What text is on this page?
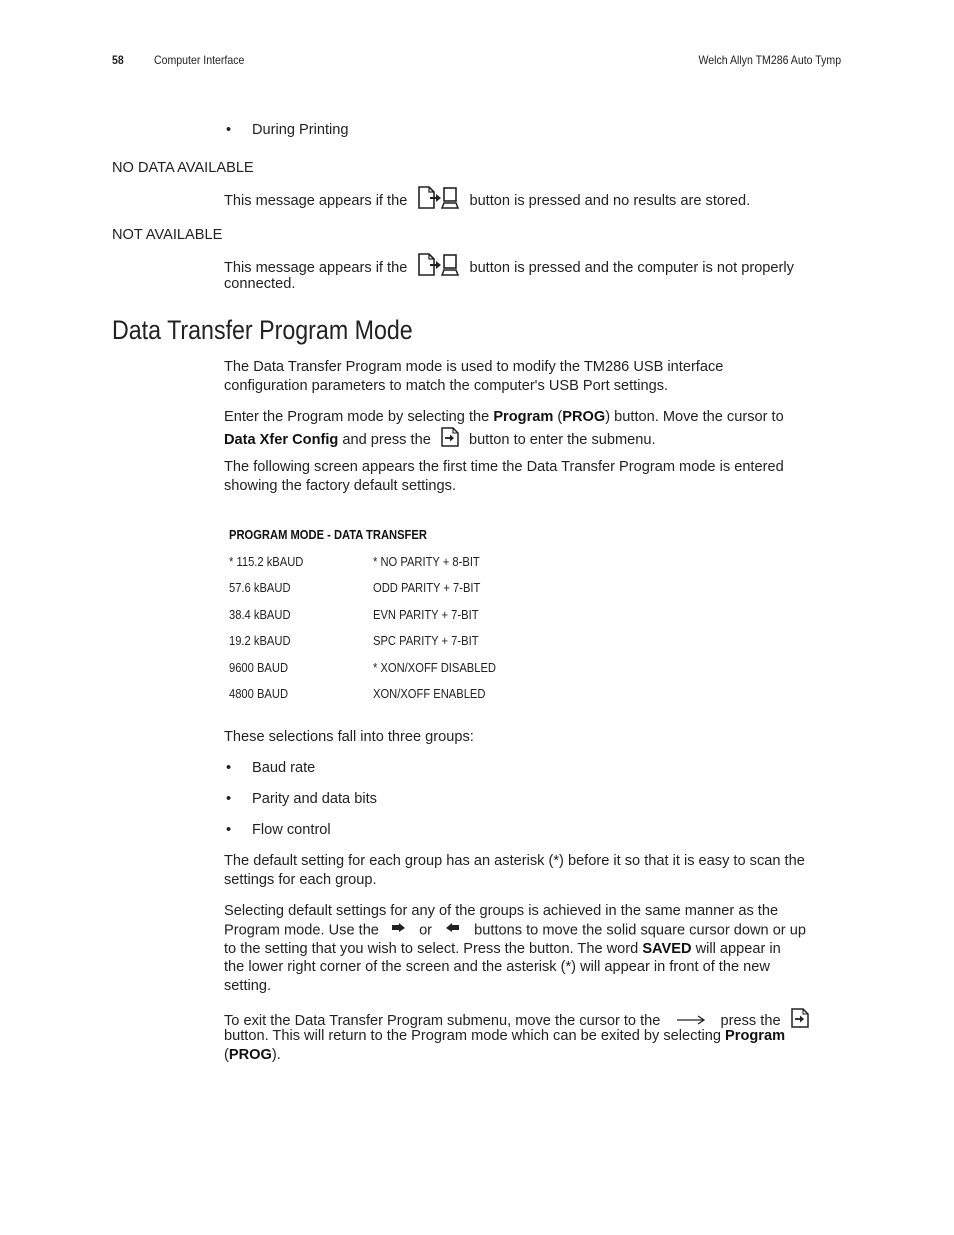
58	Computer Interface	Welch Allyn TM286 Auto Tymp
• During Printing
NO DATA AVAILABLE
This message appears if the	button is pressed and no results are stored.
NOT AVAILABLE
This message appears if the	button is pressed and the computer is not properly
connected.
Data Transfer Program Mode
The Data Transfer Program mode is used to modify the TM286 USB interface
configuration parameters to match the computer's USB Port settings.
Enter the Program mode by selecting the Program (PROG) button. Move the cursor to
Data Xfer Config and press the	button to enter the submenu.
The following screen appears the first time the Data Transfer Program mode is entered
showing the factory default settings.
PROGRAM MODE - DATA TRANSFER
* 115.2 kBAUD	* NO PARITY + 8-BIT
57.6 kBAUD	ODD PARITY + 7-BIT
38.4 kBAUD	EVN PARITY + 7-BIT
19.2 kBAUD	SPC PARITY + 7-BIT
9600 BAUD	* XON/XOFF DISABLED
4800 BAUD	XON/XOFF ENABLED
These selections fall into three groups:
• Baud rate
• Parity and data bits
• Flow control
The default setting for each group has an asterisk (*) before it so that it is easy to scan the
settings for each group.
Selecting default settings for any of the groups is achieved in the same manner as the
Program mode. Use the	or	buttons to move the solid square cursor down or up
to the setting that you wish to select. Press the button. The word SAVED will appear in
the lower right corner of the screen and the asterisk (*) will appear in front of the new
setting.
To exit the Data Transfer Program submenu, move the cursor to the	press the
button. This will return to the Program mode which can be exited by selecting Program
(PROG).
